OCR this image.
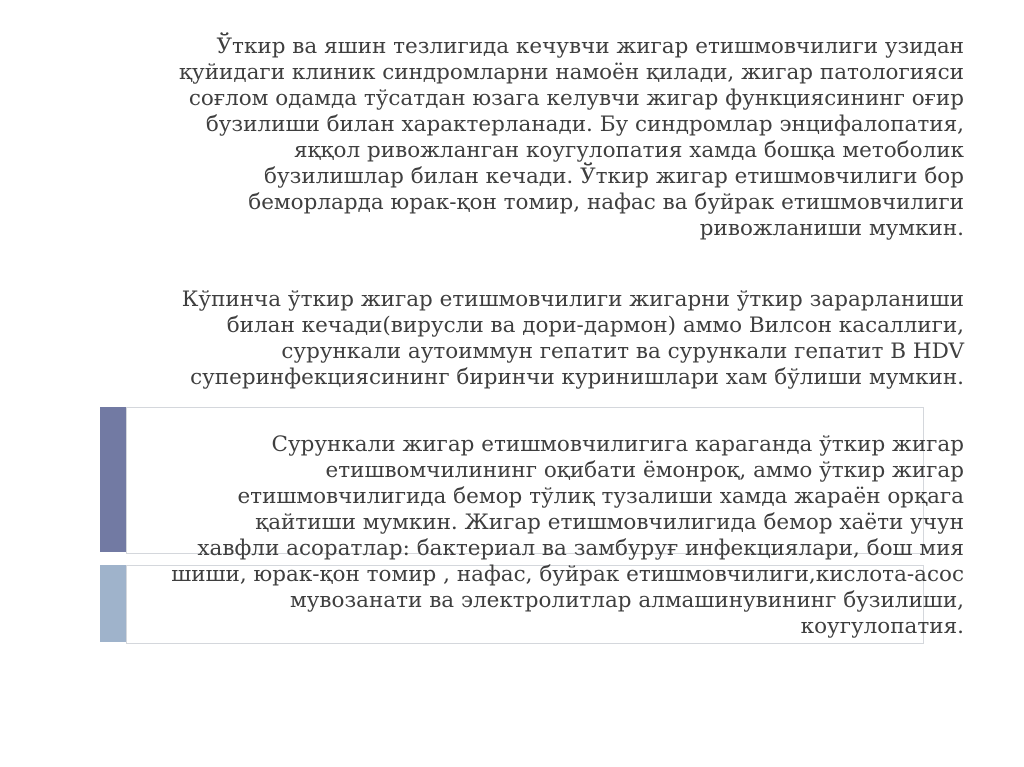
Ўткир ва яшин тезлигида кечувчи жигар етишмовчилиги узидан
қуйидаги клиник синдромларни намоён қилади, жигар патологияси
соғлом одамда тўсатдан юзага келувчи жигар функциясининг оғир
бузилиши билан характерланади. Бу синдромлар энцифалопатия,
яққол ривожланган коугулопатия хамда бошқа метоболик
бузилишлар билан кечади. Ўткир жигар етишмовчилиги бор
беморларда юрак-қон томир, нафас ва буйрак етишмовчилиги
ривожланиши мумкин.

Кўпинча ўткир жигар етишмовчилиги жигарни ўткир зарарланиши
билан кечади(вирусли ва дори-дармон) аммо Вилсон касаллиги,
сурункали аутоиммун гепатит ва сурункали гепатит В HDV
суперинфекциясининг биринчи куринишлари хам бўлиши мумкин.

Сурункали жигар етишмовчилигига караганда ўткир жигар
етишвомчилининг оқибати ёмонроқ, аммо ўткир жигар
етишмовчилигида бемор тўлиқ тузалиши хамда жараён орқага
қайтиши мумкин. Жигар етишмовчилигида бемор хаёти учун
хавфли асоратлар: бактериал ва замбуруғ инфекциялари, бош мия
шиши, юрак-қон томир , нафас, буйрак етишмовчилиги,кислота-асос
мувозанати ва электролитлар алмашинувининг бузилиши,
коугулопатия.
